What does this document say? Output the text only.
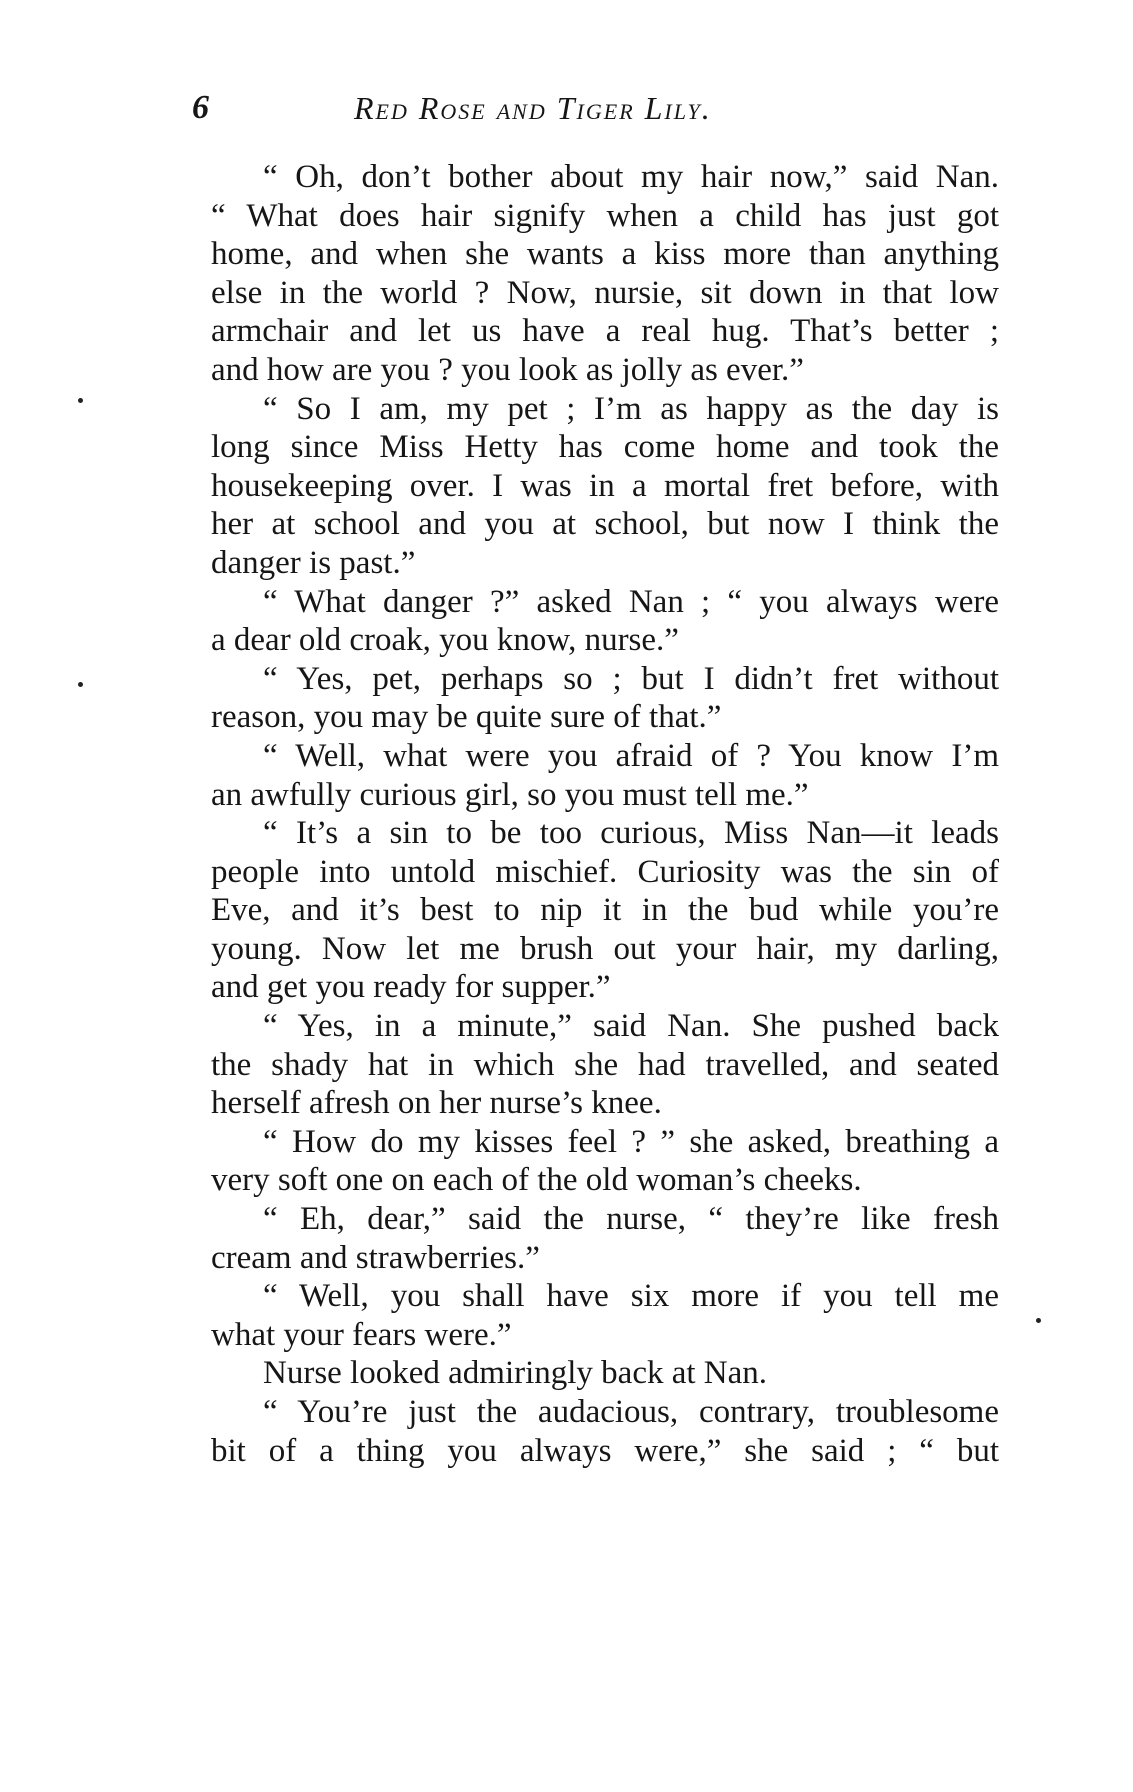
6	Red Rose and Tiger Lily.

“ Oh, don’t bother about my hair now,” said Nan.
“ What does hair signify when a child has just got
home, and when she wants a kiss more than anything
else in the world ? Now, nursie, sit down in that low
armchair and let us have a real hug. That’s better ;
and how are you ? you look as jolly as ever.”

“ So I am, my pet ; I’m as happy as the day is
long since Miss Hetty has come home and took the
housekeeping over. I was in a mortal fret before, with
her at school and you at school, but now I think the
danger is past.”

“ What danger ?” asked Nan ; “ you always were
a dear old croak, you know, nurse.”

“ Yes, pet, perhaps so ; but I didn’t fret without
reason, you may be quite sure of that.”

“ Well, what were you afraid of ? You know I’m
an awfully curious girl, so you must tell me.”

“ It’s a sin to be too curious, Miss Nan—it leads
people into untold mischief. Curiosity was the sin of
Eve, and it’s best to nip it in the bud while you’re
young. Now let me brush out your hair, my darling,
and get you ready for supper.”

“ Yes, in a minute,” said Nan. She pushed back
the shady hat in which she had travelled, and seated
herself afresh on her nurse’s knee.

“ How do my kisses feel ? ” she asked, breathing a
very soft one on each of the old woman’s cheeks.

“ Eh, dear,” said the nurse, “ they’re like fresh
cream and strawberries.”

“ Well, you shall have six more if you tell me
what your fears were.”

Nurse looked admiringly back at Nan.

“ You’re just the audacious, contrary, troublesome
bit of a thing you always were,” she said ; “ but
